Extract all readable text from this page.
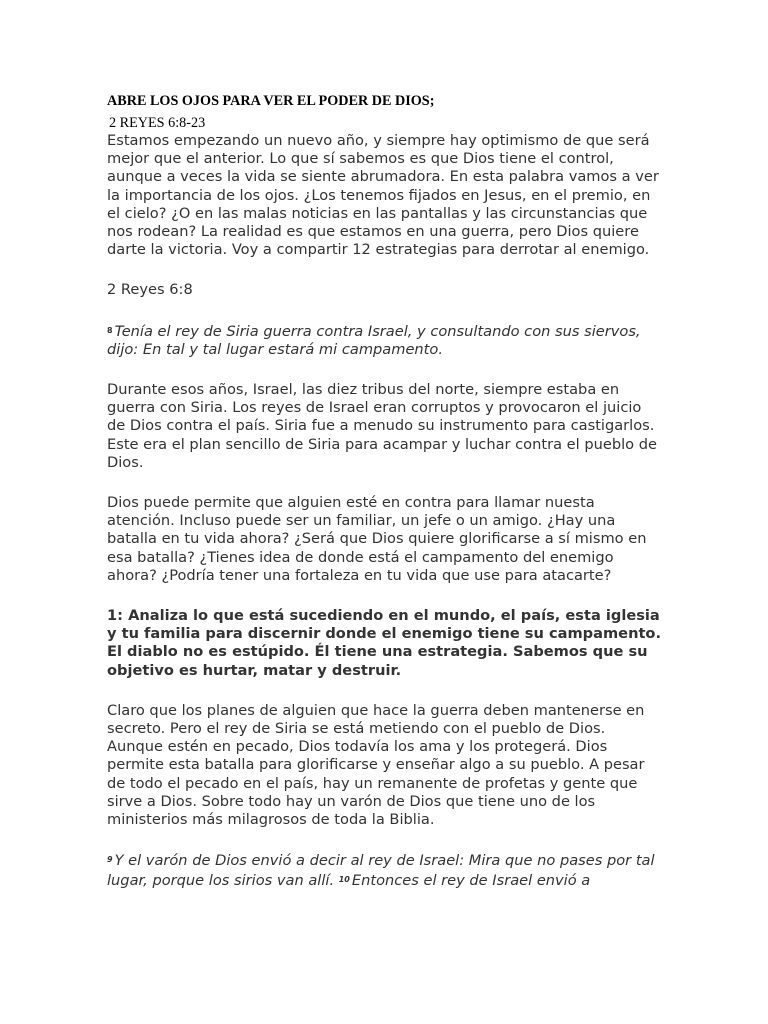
ABRE LOS OJOS PARA VER EL PODER DE DIOS;

2 REYES 6:8-23

Estamos empezando un nuevo año, y siempre hay optimismo de que será mejor que el anterior. Lo que sí sabemos es que Dios tiene el control, aunque a veces la vida se siente abrumadora. En esta palabra vamos a ver la importancia de los ojos. ¿Los tenemos fijados en Jesus, en el premio, en el cielo? ¿O en las malas noticias en las pantallas y las circunstancias que nos rodean? La realidad es que estamos en una guerra, pero Dios quiere darte la victoria. Voy a compartir 12 estrategias para derrotar al enemigo.

2 Reyes 6:8

$^8$ Tenía el rey de Siria guerra contra Israel, y consultando con sus siervos, dijo: En tal y tal lugar estará mi campamento.

Durante esos años, Israel, las diez tribus del norte, siempre estaba en guerra con Siria. Los reyes de Israel eran corruptos y provocaron el juicio de Dios contra el país. Siria fue a menudo su instrumento para castigarlos. Este era el plan sencillo de Siria para acampar y luchar contra el pueblo de Dios.

Dios puede permite que alguien esté en contra para llamar nuesta atención. Incluso puede ser un familiar, un jefe o un amigo. ¿Hay una batalla en tu vida ahora? ¿Será que Dios quiere glorificarse a sí mismo en esa batalla? ¿Tienes idea de donde está el campamento del enemigo ahora? ¿Podría tener una fortaleza en tu vida que use para atacarte?

1: Analiza lo que está sucediendo en el mundo, el país, esta iglesia y tu familia para discernir donde el enemigo tiene su campamento. El diablo no es estúpido. Él tiene una estrategia. Sabemos que su objetivo es hurtar, matar y destruir.

Claro que los planes de alguien que hace la guerra deben mantenerse en secreto. Pero el rey de Siria se está metiendo con el pueblo de Dios. Aunque estén en pecado, Dios todavía los ama y los protegerá. Dios permite esta batalla para glorificarse y enseñar algo a su pueblo. A pesar de todo el pecado en el país, hay un remanente de profetas y gente que sirve a Dios. Sobre todo hay un varón de Dios que tiene uno de los ministerios más milagrosos de toda la Biblia.

$^9$ Y el varón de Dios envió a decir al rey de Israel: Mira que no pases por tal lugar, porque los sirios van allí. $^{10}$ Entonces el rey de Israel envió a
